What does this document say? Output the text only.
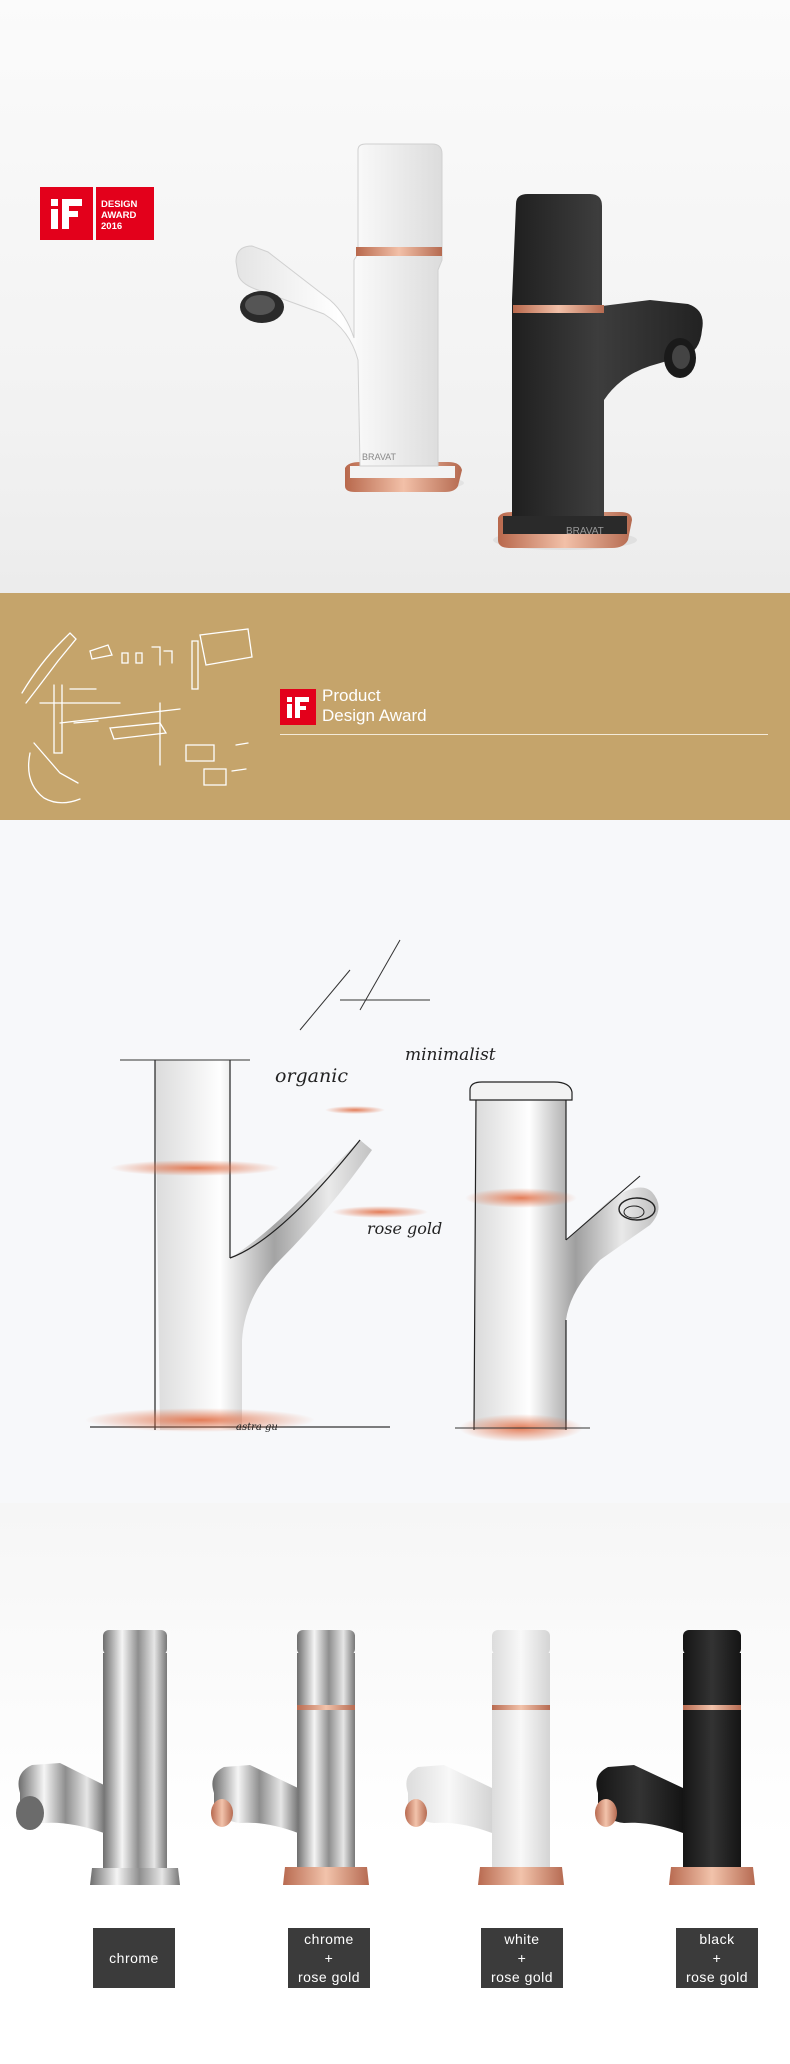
BRAVAT
BRAVAT
DESIGN
AWARD
2016
Product
Design Award
organic
minimalist
rose gold
astra gu
chrome
chrome
+
rose gold
white
+
rose gold
black
+
rose gold
